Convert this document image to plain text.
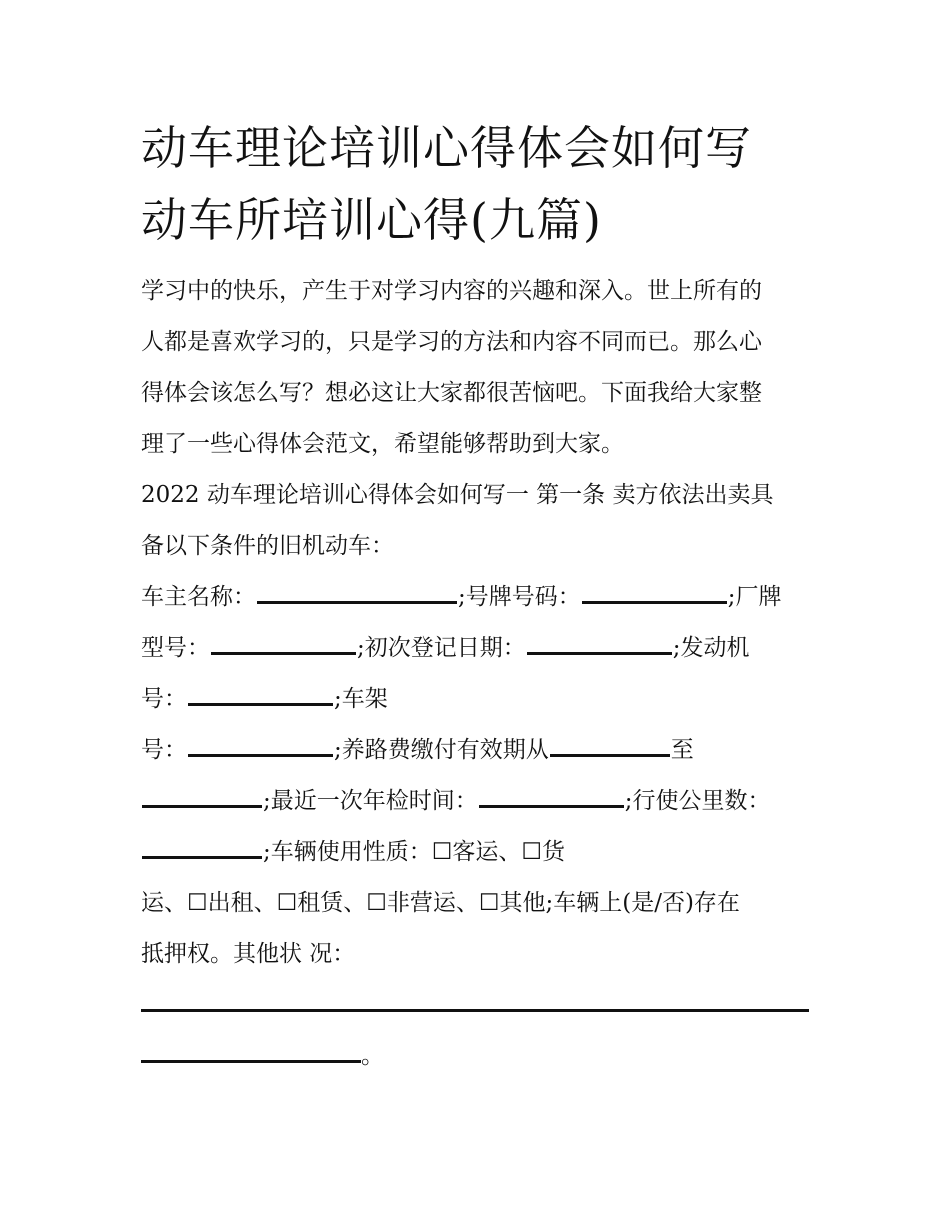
动车理论培训心得体会如何写
动车所培训心得(九篇)
学习中的快乐，产生于对学习内容的兴趣和深入。世上所有的
人都是喜欢学习的，只是学习的方法和内容不同而已。那么心
得体会该怎么写？想必这让大家都很苦恼吧。下面我给大家整
理了一些心得体会范文，希望能够帮助到大家。
2022 动车理论培训心得体会如何写一 第一条 卖方依法出卖具
备以下条件的旧机动车：
车主名称：	;号牌号码：	;厂牌
型号：	;初次登记日期：	;发动机
号：	;车架
号：	;养路费缴付有效期从	至
;最近一次年检时间：	;行使公里数：
;车辆使用性质：☐客运、☐货
运、☐出租、☐租赁、☐非营运、☐其他;车辆上(是/否)存在
抵押权。其他状 况：
。
